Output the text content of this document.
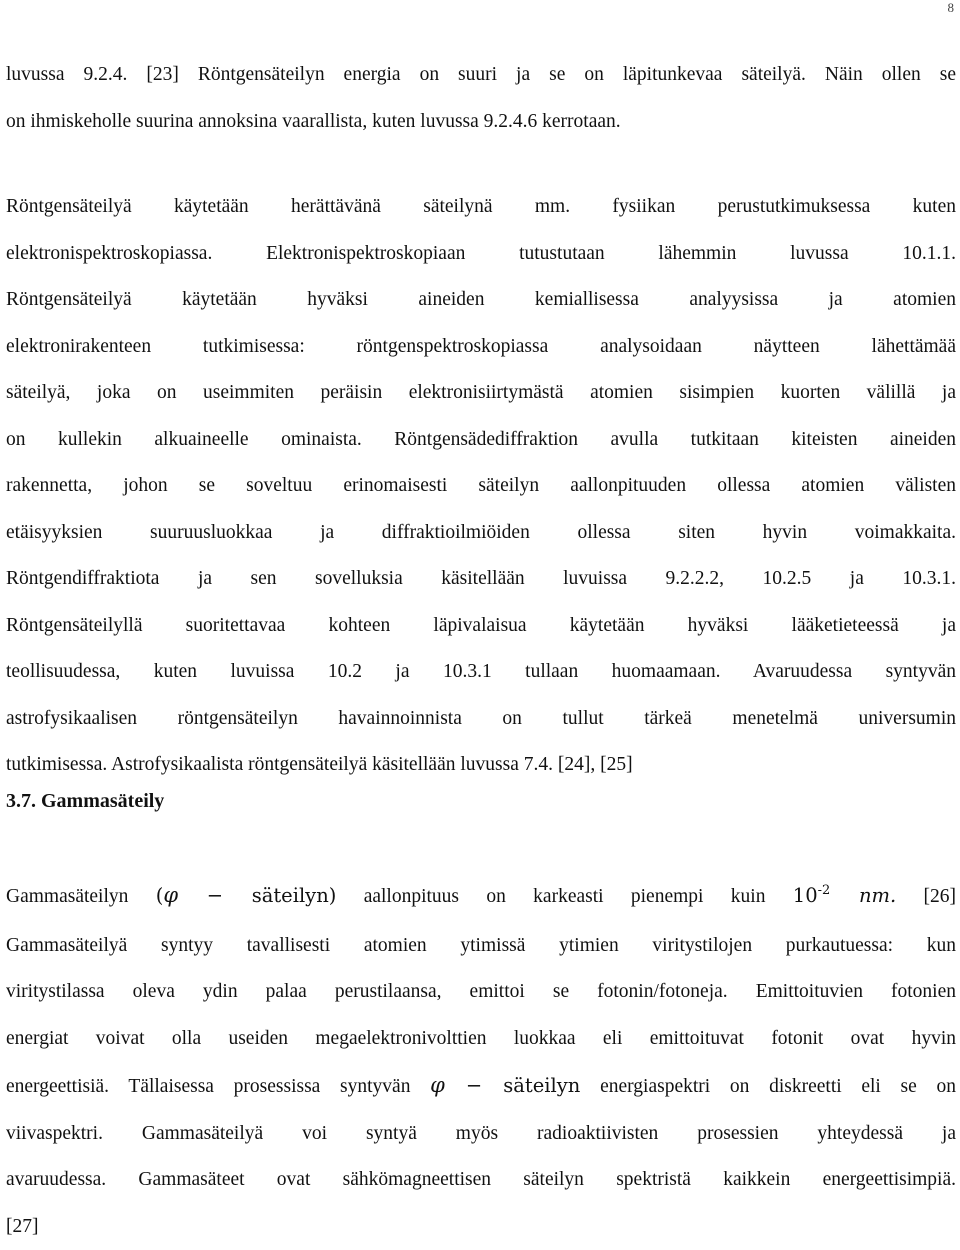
8
luvussa 9.2.4. [23] Röntgensäteilyn energia on suuri ja se on läpitunkevaa säteilyä. Näin ollen se
on ihmiskeholle suurina annoksina vaarallista, kuten luvussa 9.2.4.6 kerrotaan.
Röntgensäteilyä käytetään herättävänä säteilynä mm. fysiikan perustutkimuksessa kuten
elektronispektroskopiassa. Elektronispektroskopiaan tutustutaan lähemmin luvussa 10.1.1.
Röntgensäteilyä käytetään hyväksi aineiden kemiallisessa analyysissa ja atomien
elektronirakenteen tutkimisessa: röntgenspektroskopiassa analysoidaan näytteen lähettämää
säteilyä, joka on useimmiten peräisin elektronisiirtymästä atomien sisimpien kuorten välillä ja
on kullekin alkuaineelle ominaista. Röntgensädediffraktion avulla tutkitaan kiteisten aineiden
rakennetta, johon se soveltuu erinomaisesti säteilyn aallonpituuden ollessa atomien välisten
etäisyyksien suuruusluokkaa ja diffraktioilmiöiden ollessa siten hyvin voimakkaita.
Röntgendiffraktiota ja sen sovelluksia käsitellään luvuissa 9.2.2.2, 10.2.5 ja 10.3.1.
Röntgensäteilyllä suoritettavaa kohteen läpivalaisua käytetään hyväksi lääketieteessä ja
teollisuudessa, kuten luvuissa 10.2 ja 10.3.1 tullaan huomaamaan. Avaruudessa syntyvän
astrofysikaalisen röntgensäteilyn havainnoinnista on tullut tärkeä menetelmä universumin
tutkimisessa. Astrofysikaalista röntgensäteilyä käsitellään luvussa 7.4. [24], [25]
3.7. Gammasäteily
Gammasäteilyn (φ − säteilyn) aallonpituus on karkeasti pienempi kuin $10^{-2}$ nm. [26]
Gammasäteilyä syntyy tavallisesti atomien ytimissä ytimien viritystilojen purkautuessa: kun
viritystilassa oleva ydin palaa perustilaansa, emittoi se fotonin/fotoneja. Emittoituvien fotonien
energiat voivat olla useiden megaelektronivolttien luokkaa eli emittoituvat fotonit ovat hyvin
energeettisiä. Tällaisessa prosessissa syntyvän φ − säteilyn energiaspektri on diskreetti eli se on
viivaspektri. Gammasäteilyä voi syntyä myös radioaktiivisten prosessien yhteydessä ja
avaruudessa. Gammasäteet ovat sähkömagneettisen säteilyn spektristä kaikkein energeettisimpiä.
[27]
